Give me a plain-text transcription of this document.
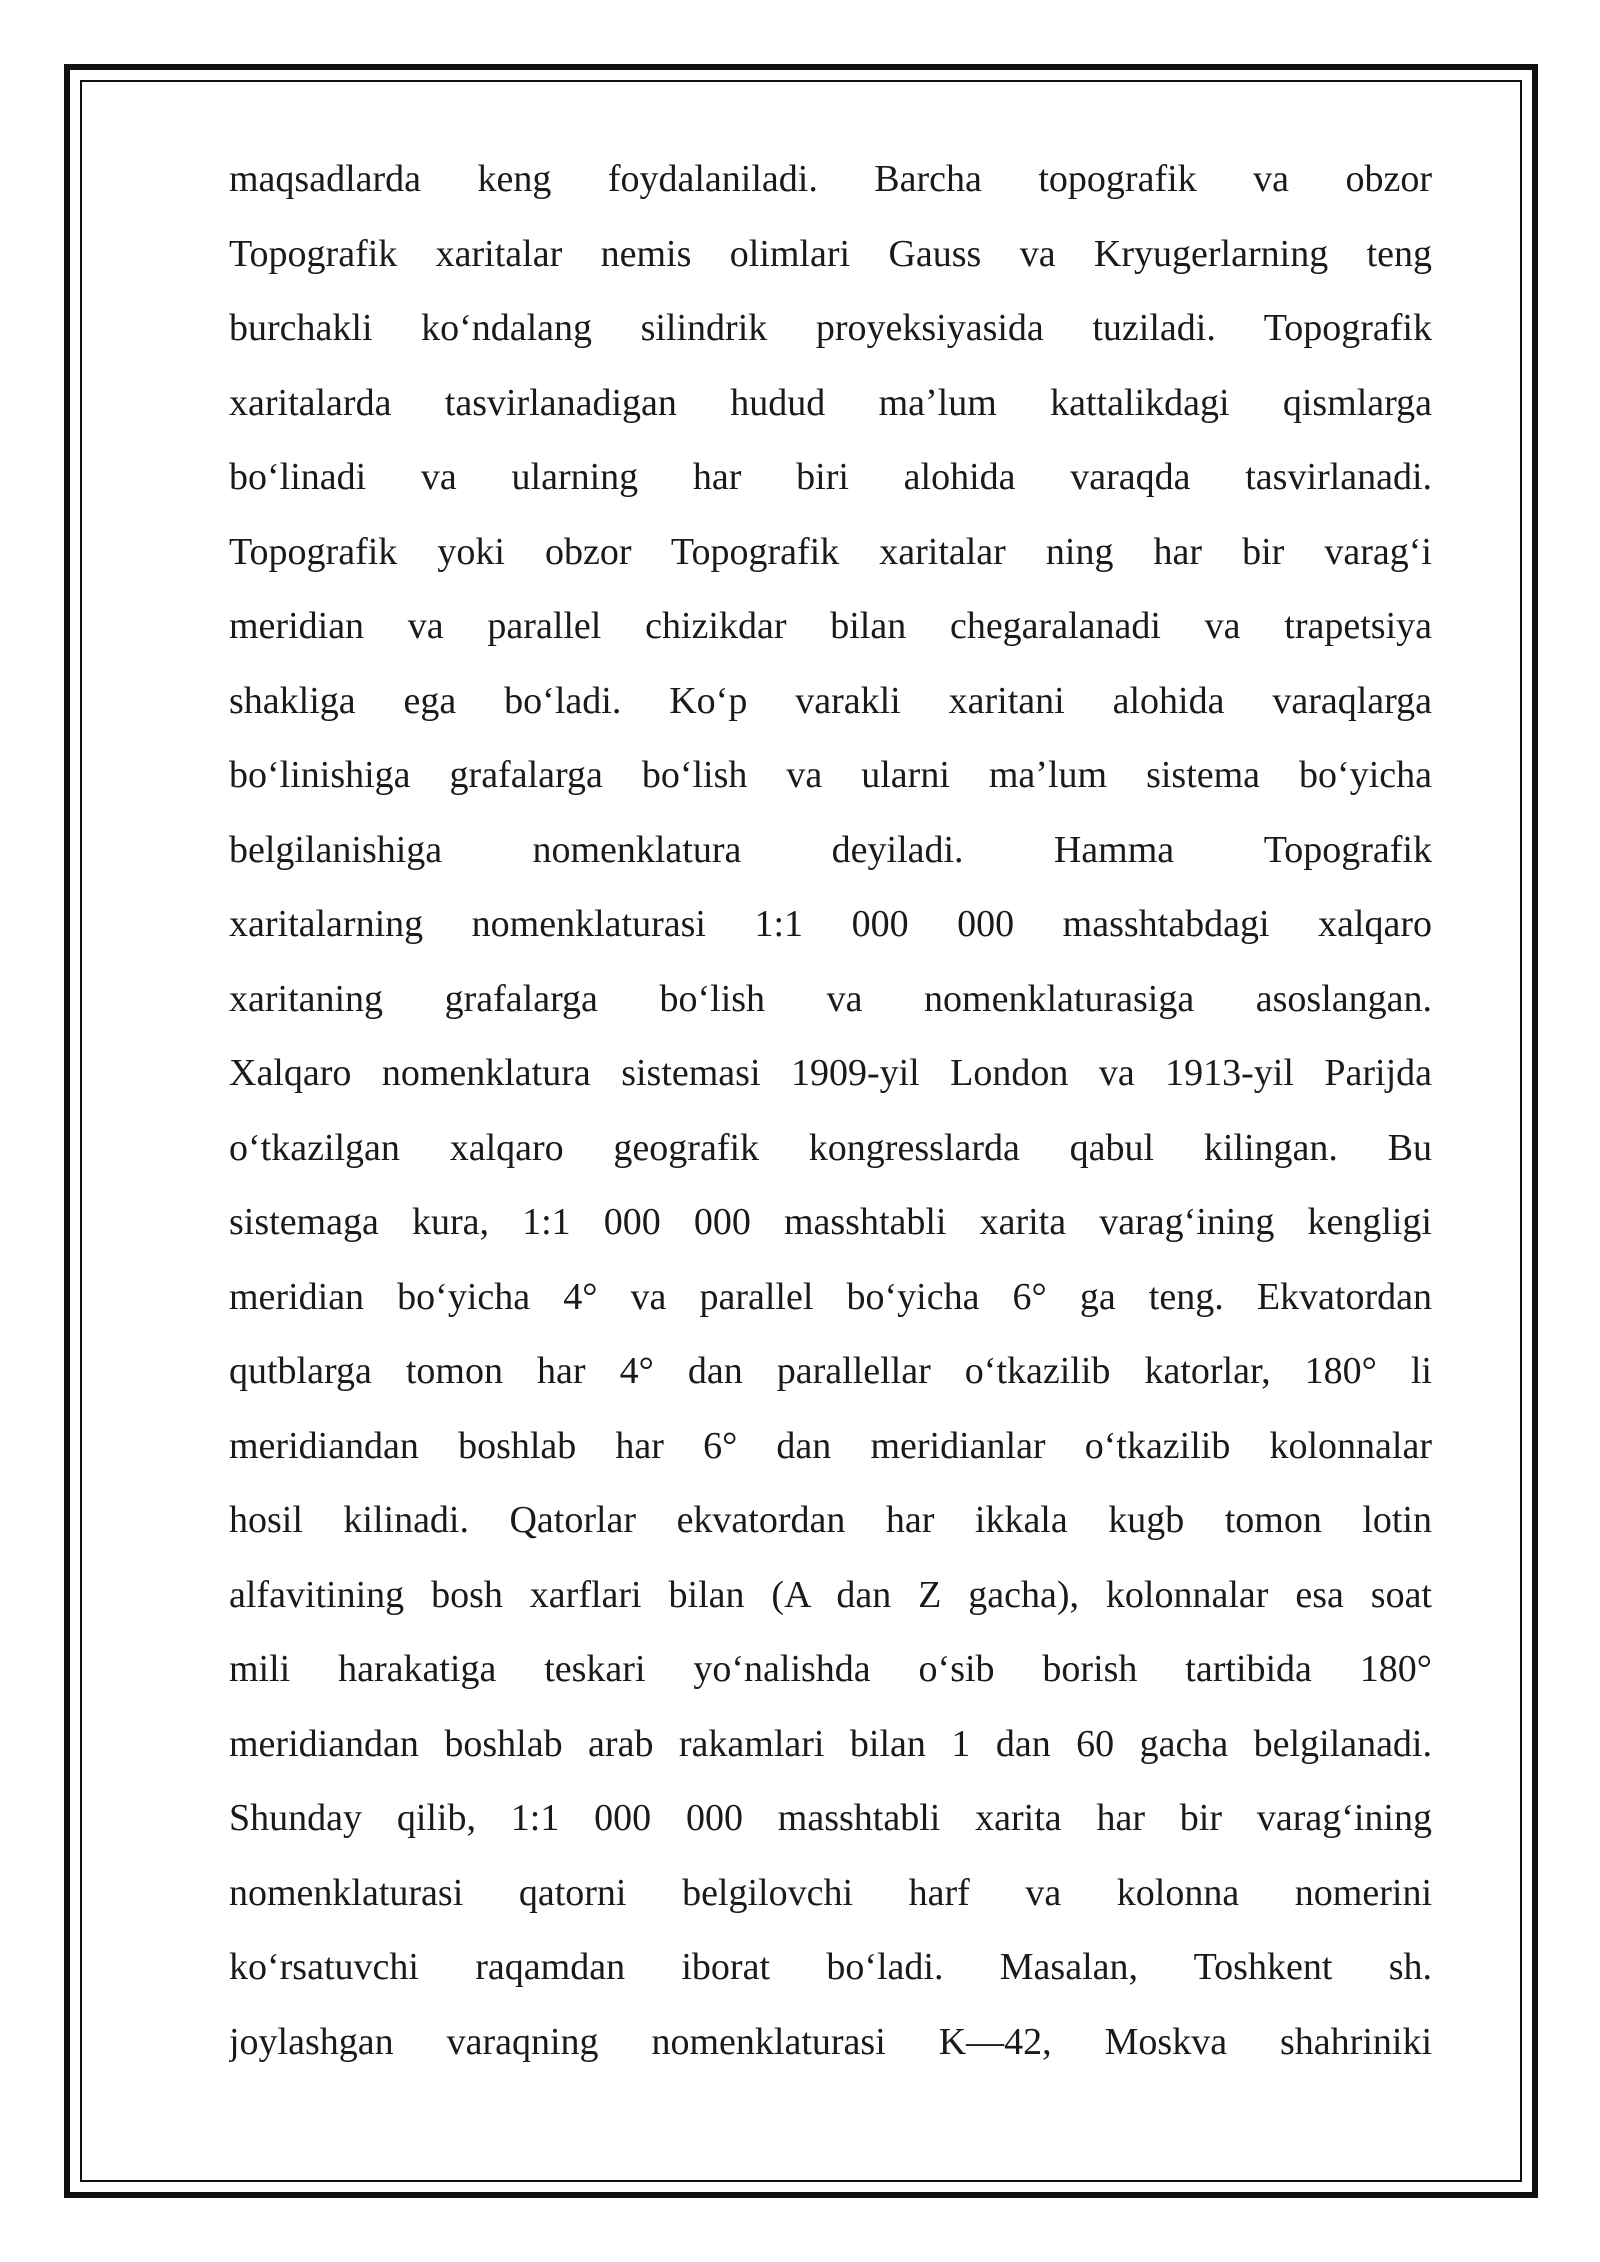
maqsadlarda keng foydalaniladi. Barcha topografik va obzor
Topografik xaritalar nemis olimlari Gauss va Kryugerlarning teng
burchakli koʻndalang silindrik proyeksiyasida tuziladi. Topografik
xaritalarda tasvirlanadigan hudud maʼlum kattalikdagi qismlarga
boʻlinadi va ularning har biri alohida varaqda tasvirlanadi.
Topografik yoki obzor Topografik xaritalar ning har bir varagʻi
meridian va parallel chizikdar bilan chegaralanadi va trapetsiya
shakliga ega boʻladi. Koʻp varakli xaritani alohida varaqlarga
boʻlinishiga grafalarga boʻlish va ularni maʼlum sistema boʻyicha
belgilanishiga nomenklatura deyiladi. Hamma Topografik
xaritalarning nomenklaturasi 1:1 000 000 masshtabdagi xalqaro
xaritaning grafalarga boʻlish va nomenklaturasiga asoslangan.
Xalqaro nomenklatura sistemasi 1909-yil London va 1913-yil Parijda
oʻtkazilgan xalqaro geografik kongresslarda qabul kilingan. Bu
sistemaga kura, 1:1 000 000 masshtabli xarita varagʻining kengligi
meridian boʻyicha 4° va parallel boʻyicha 6° ga teng. Ekvatordan
qutblarga tomon har 4° dan parallellar oʻtkazilib katorlar, 180° li
meridiandan boshlab har 6° dan meridianlar oʻtkazilib kolonnalar
hosil kilinadi. Qatorlar ekvatordan har ikkala kugb tomon lotin
alfavitining bosh xarflari bilan (A dan Z gacha), kolonnalar esa soat
mili harakatiga teskari yoʻnalishda oʻsib borish tartibida 180°
meridiandan boshlab arab rakamlari bilan 1 dan 60 gacha belgilanadi.
Shunday qilib, 1:1 000 000 masshtabli xarita har bir varagʻining
nomenklaturasi qatorni belgilovchi harf va kolonna nomerini
koʻrsatuvchi raqamdan iborat boʻladi. Masalan, Toshkent sh.
joylashgan varaqning nomenklaturasi K—42, Moskva shahriniki
